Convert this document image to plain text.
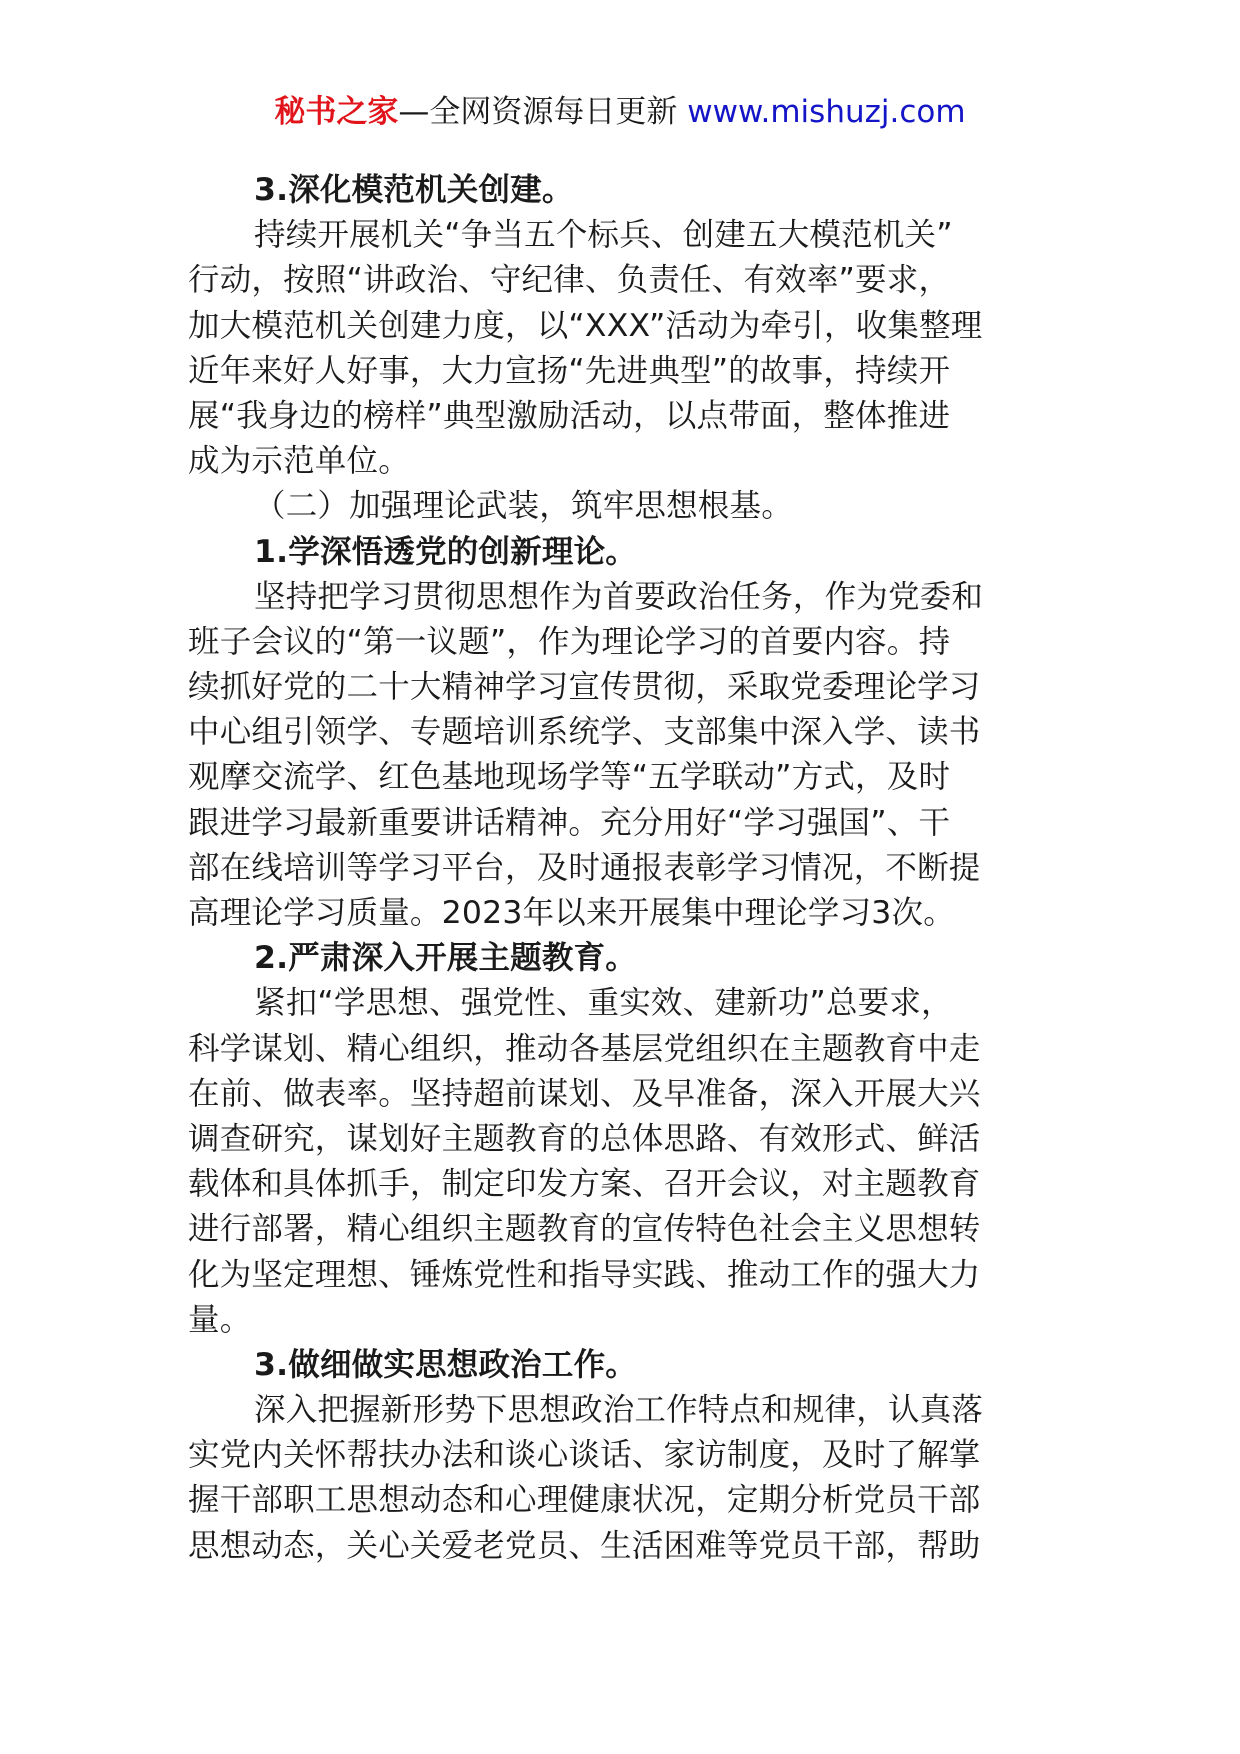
秘书之家—全网资源每日更新 www.mishuzj.com
3.深化模范机关创建。
持续开展机关“争当五个标兵、创建五大模范机关”
行动，按照“讲政治、守纪律、负责任、有效率”要求，
加大模范机关创建力度，以“XXX”活动为牵引，收集整理
近年来好人好事，大力宣扬“先进典型”的故事，持续开
展“我身边的榜样”典型激励活动，以点带面，整体推进
成为示范单位。
（二）加强理论武装，筑牢思想根基。
1.学深悟透党的创新理论。
坚持把学习贯彻思想作为首要政治任务，作为党委和
班子会议的“第一议题”，作为理论学习的首要内容。持
续抓好党的二十大精神学习宣传贯彻，采取党委理论学习
中心组引领学、专题培训系统学、支部集中深入学、读书
观摩交流学、红色基地现场学等“五学联动”方式，及时
跟进学习最新重要讲话精神。充分用好“学习强国”、干
部在线培训等学习平台，及时通报表彰学习情况，不断提
高理论学习质量。2023年以来开展集中理论学习3次。
2.严肃深入开展主题教育。
紧扣“学思想、强党性、重实效、建新功”总要求，
科学谋划、精心组织，推动各基层党组织在主题教育中走
在前、做表率。坚持超前谋划、及早准备，深入开展大兴
调查研究，谋划好主题教育的总体思路、有效形式、鲜活
载体和具体抓手，制定印发方案、召开会议，对主题教育
进行部署，精心组织主题教育的宣传特色社会主义思想转
化为坚定理想、锤炼党性和指导实践、推动工作的强大力
量。
3.做细做实思想政治工作。
深入把握新形势下思想政治工作特点和规律，认真落
实党内关怀帮扶办法和谈心谈话、家访制度，及时了解掌
握干部职工思想动态和心理健康状况，定期分析党员干部
思想动态，关心关爱老党员、生活困难等党员干部，帮助
